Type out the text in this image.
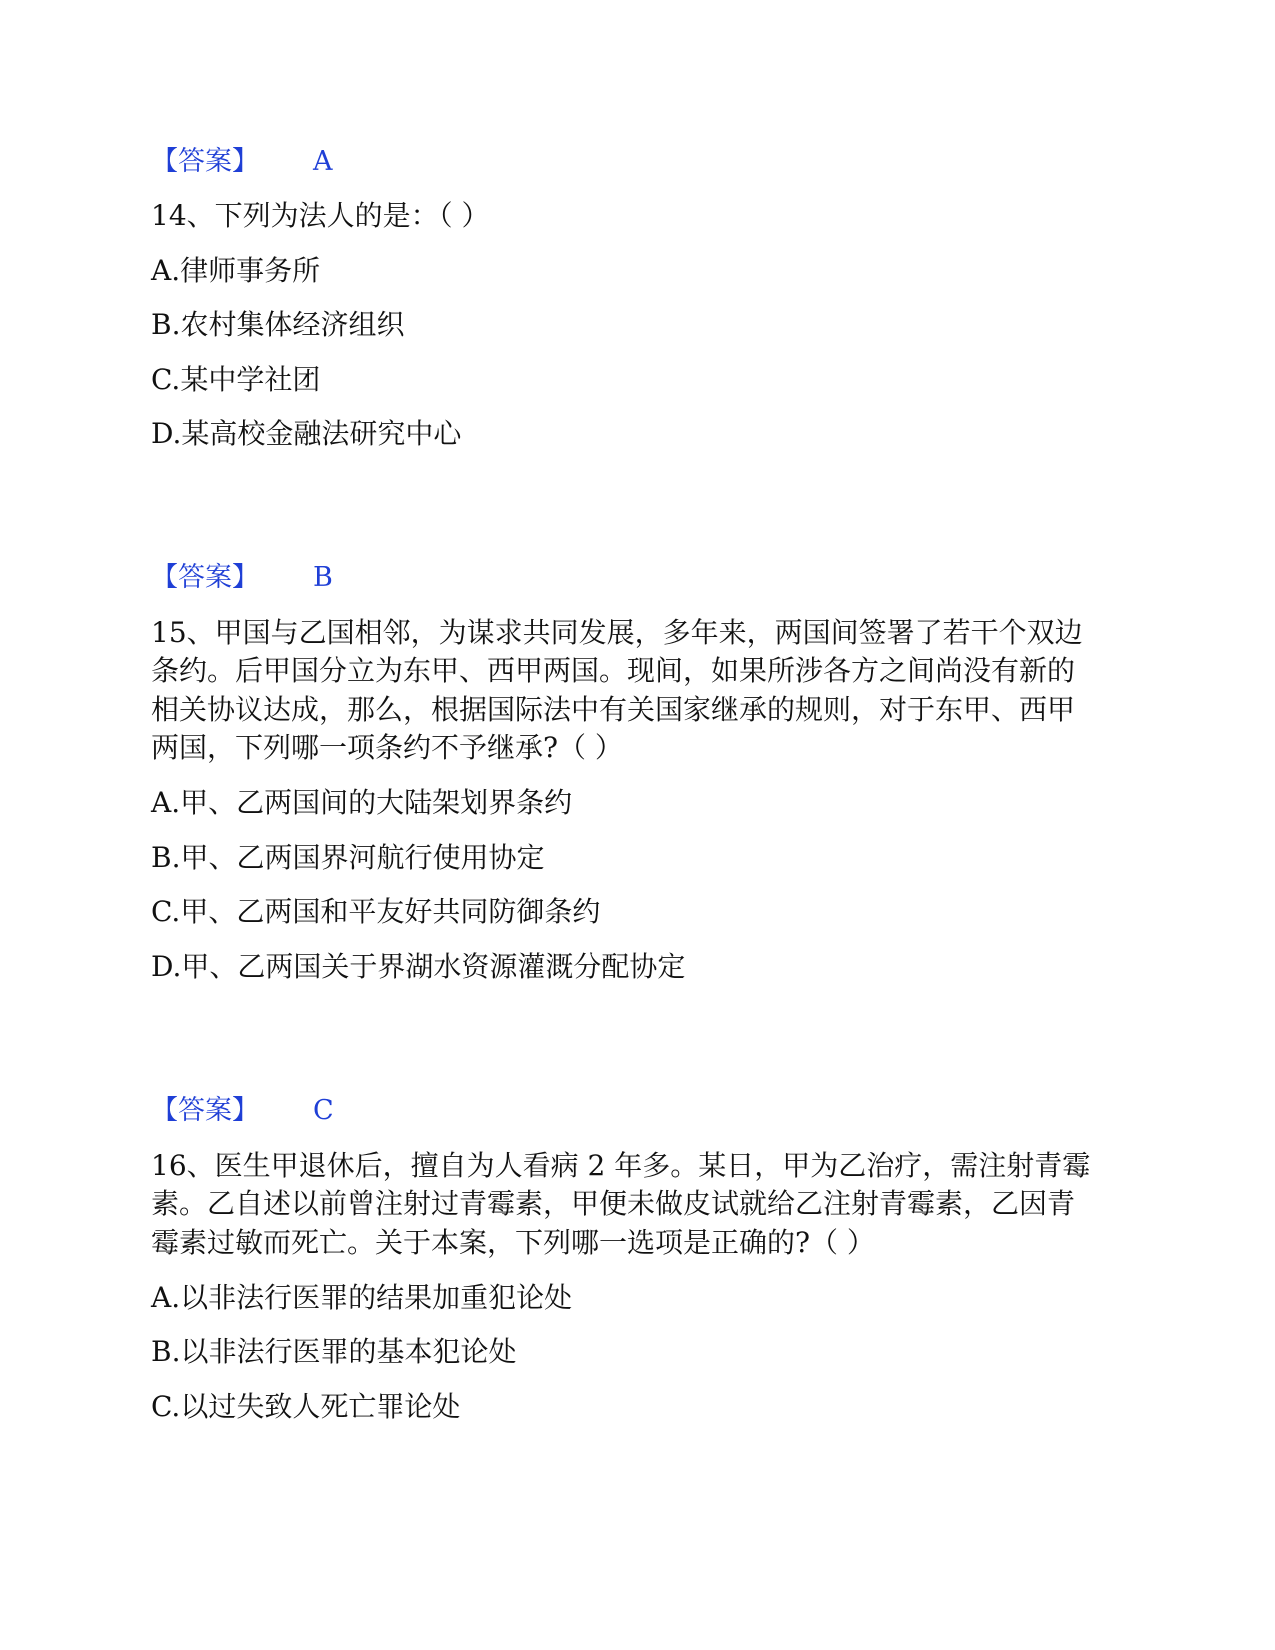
【答案】 A
14、下列为法人的是：（ ）
A.律师事务所
B.农村集体经济组织
C.某中学社团
D.某高校金融法研究中心
【答案】 B
15、甲国与乙国相邻，为谋求共同发展，多年来，两国间签署了若干个双边
条约。后甲国分立为东甲、西甲两国。现间，如果所涉各方之间尚没有新的
相关协议达成，那么，根据国际法中有关国家继承的规则，对于东甲、西甲
两国，下列哪一项条约不予继承?（ ）
A.甲、乙两国间的大陆架划界条约
B.甲、乙两国界河航行使用协定
C.甲、乙两国和平友好共同防御条约
D.甲、乙两国关于界湖水资源灌溉分配协定
【答案】 C
16、医生甲退休后，擅自为人看病 2 年多。某日，甲为乙治疗，需注射青霉
素。乙自述以前曾注射过青霉素，甲便未做皮试就给乙注射青霉素，乙因青
霉素过敏而死亡。关于本案，下列哪一选项是正确的?（ ）
A.以非法行医罪的结果加重犯论处
B.以非法行医罪的基本犯论处
C.以过失致人死亡罪论处
